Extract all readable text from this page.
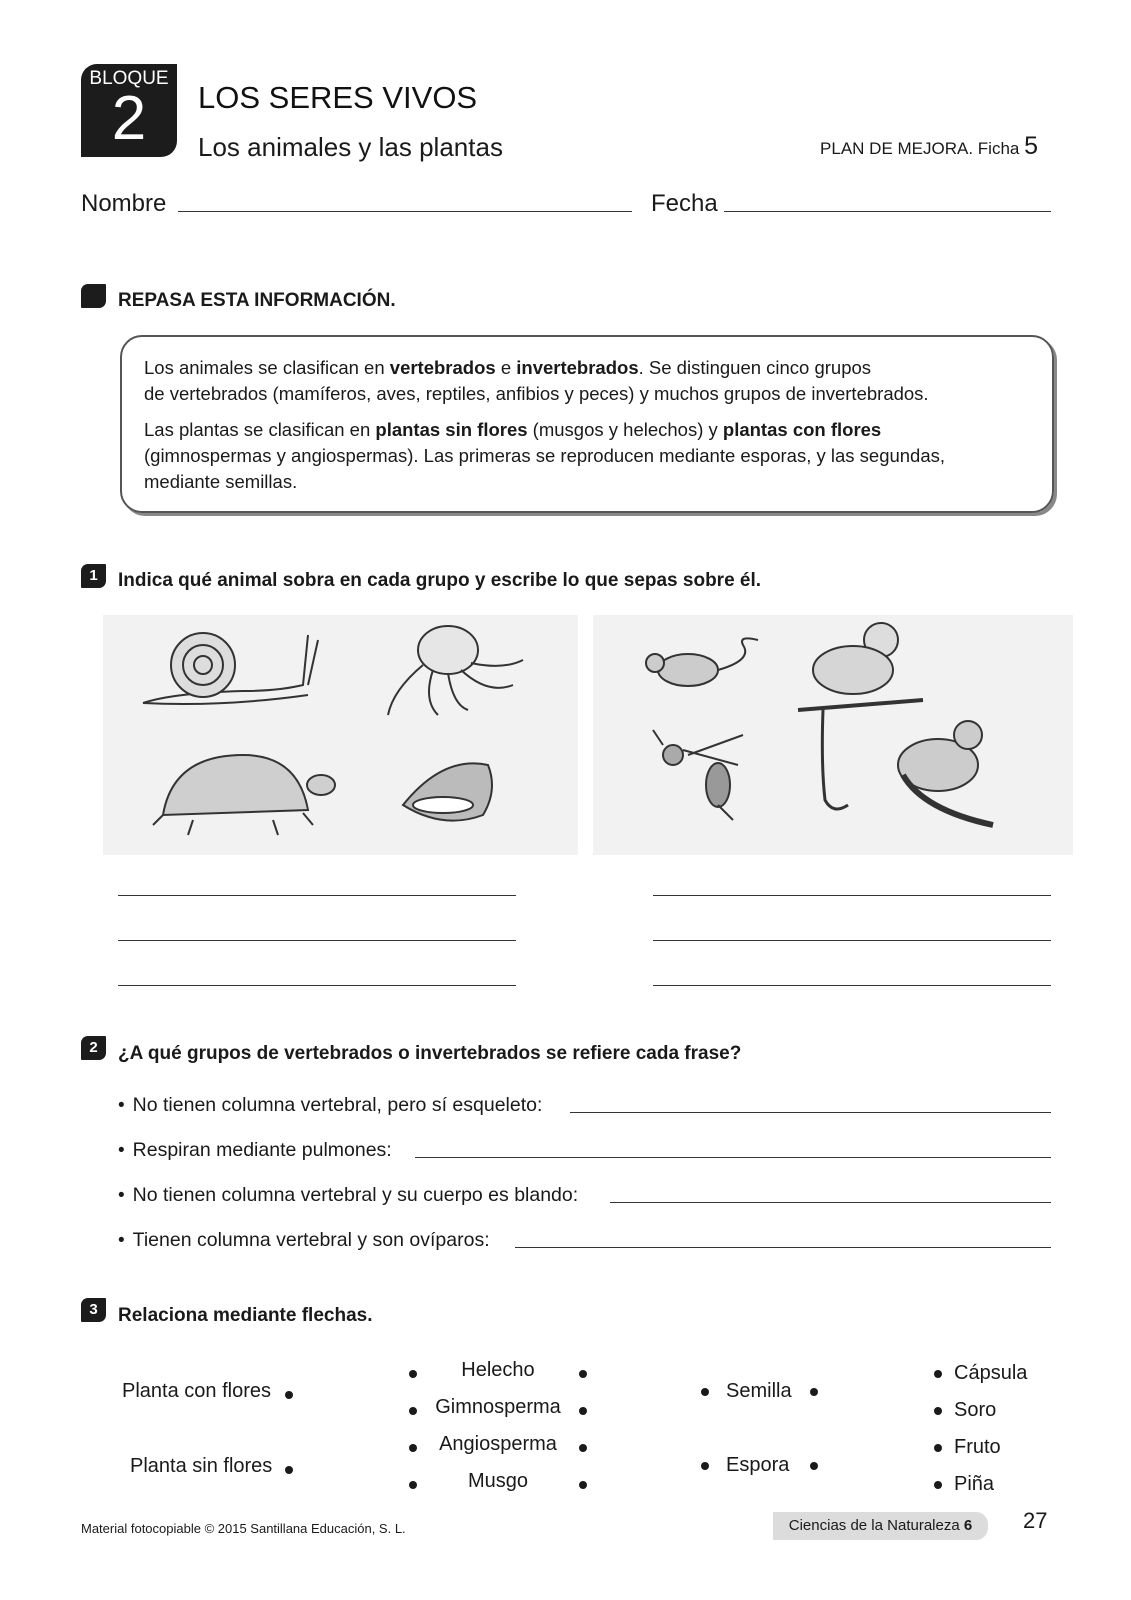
BLOQUE
2	LOS SERES VIVOS
Los animales y las plantas	PLAN DE MEJORA. Ficha 5
Nombre	Fecha
REPASA ESTA INFORMACIÓN.
Los animales se clasifican en vertebrados e invertebrados. Se distinguen cinco grupos
de vertebrados (mamíferos, aves, reptiles, anfibios y peces) y muchos grupos de invertebrados.
Las plantas se clasifican en plantas sin flores (musgos y helechos) y plantas con flores
(gimnospermas y angiospermas). Las primeras se reproducen mediante esporas, y las segundas,
mediante semillas.
1	Indica qué animal sobra en cada grupo y escribe lo que sepas sobre él.
2	¿A qué grupos de vertebrados o invertebrados se refiere cada frase?
• No tienen columna vertebral, pero sí esqueleto:
• Respiran mediante pulmones:
• No tienen columna vertebral y su cuerpo es blando:
• Tienen columna vertebral y son ovíparos:
3	Relaciona mediante flechas.
Planta con flores
Planta sin flores
Helecho
Gimnosperma
Angiosperma
Musgo
Semilla
Espora
Cápsula
Soro
Fruto
Piña
Material fotocopiable © 2015 Santillana Educación, S. L.	Ciencias de la Naturaleza 6	27
